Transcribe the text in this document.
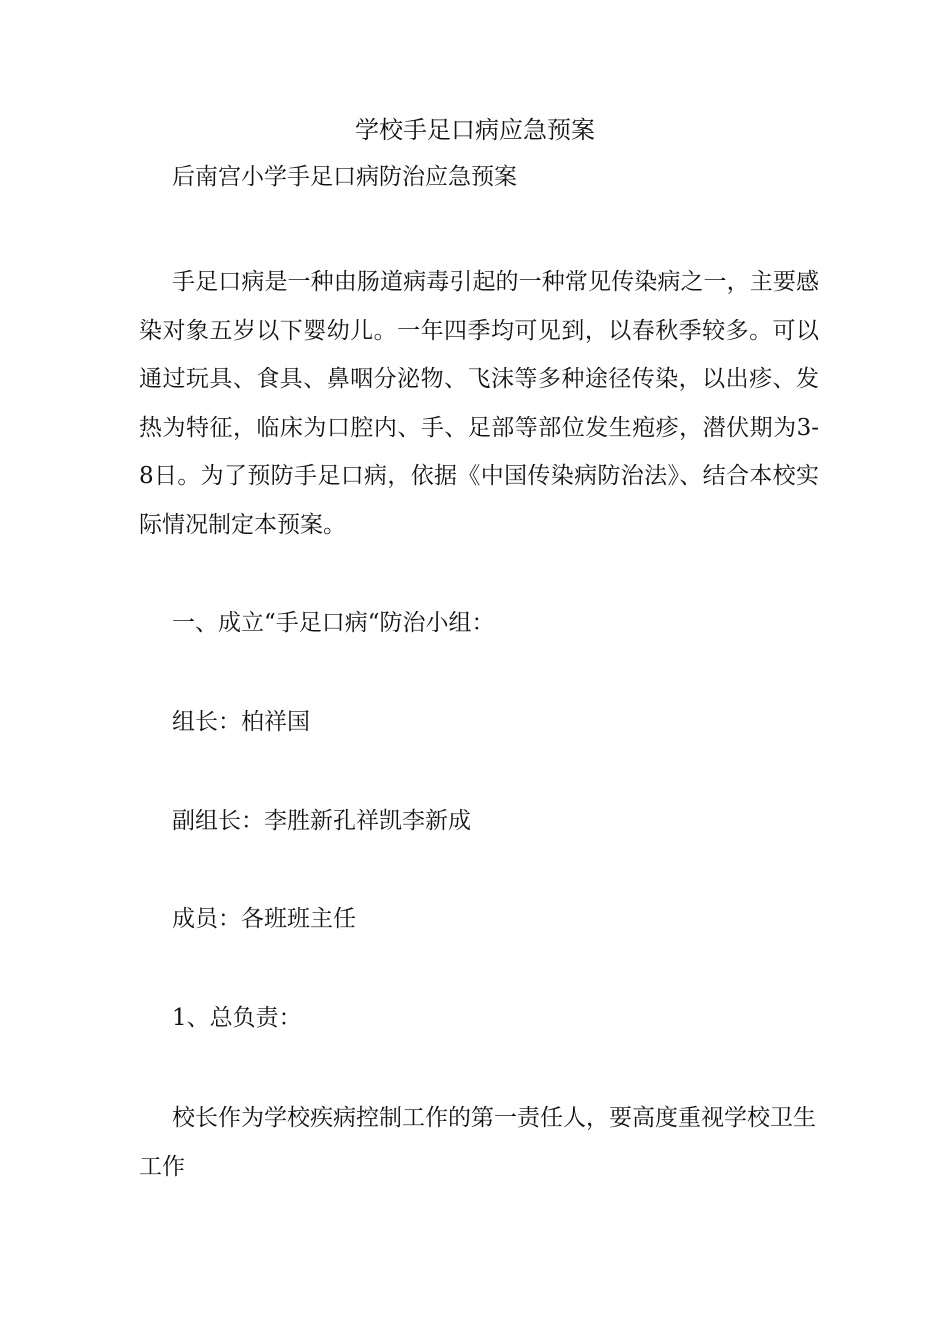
学校手足口病应急预案
后南宫小学手足口病防治应急预案
手足口病是一种由肠道病毒引起的一种常见传染病之一，主要感染对象五岁以下婴幼儿。一年四季均可见到，以春秋季较多。可以通过玩具、食具、鼻咽分泌物、飞沫等多种途径传染，以出疹、发热为特征，临床为口腔内、手、足部等部位发生疱疹，潜伏期为3-8日。为了预防手足口病，依据《中国传染病防治法》、结合本校实际情况制定本预案。
一、成立“手足口病“防治小组：
组长：柏祥国
副组长：李胜新孔祥凯李新成
成员：各班班主任
1、总负责：
校长作为学校疾病控制工作的第一责任人，要高度重视学校卫生工作
